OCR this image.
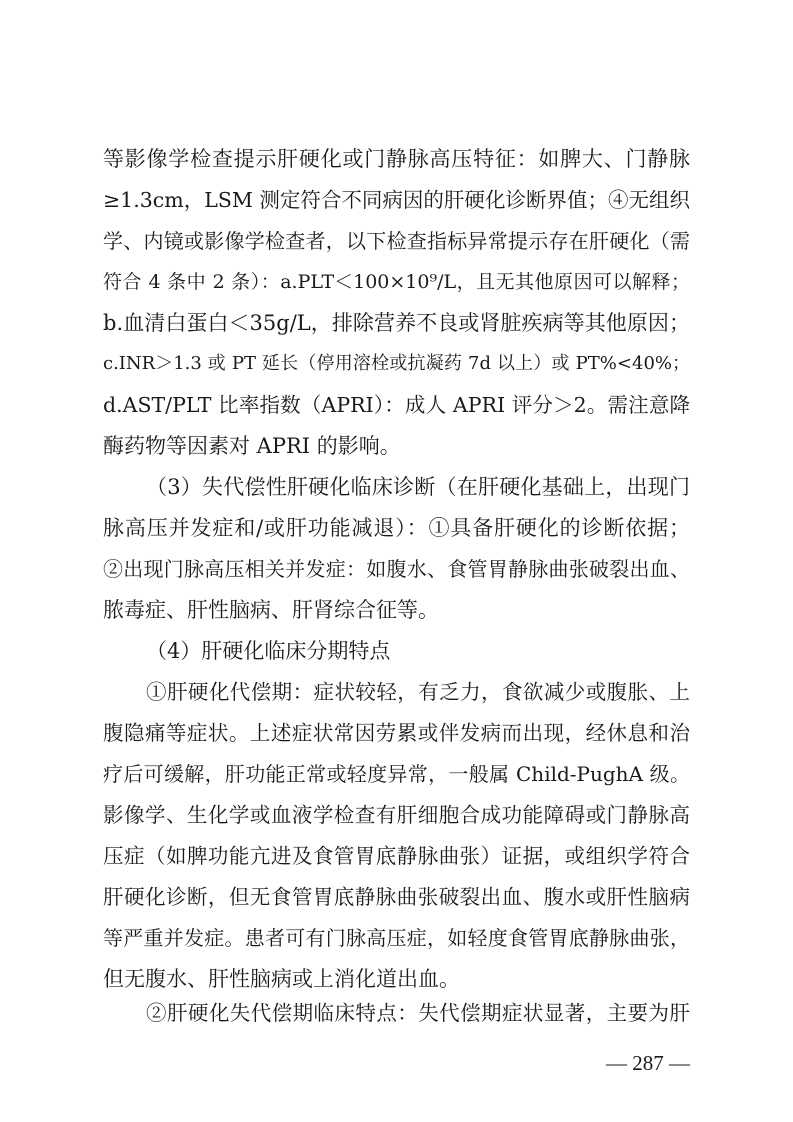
等影像学检查提示肝硬化或门静脉高压特征：如脾大、门静脉
≥1.3cm，LSM 测定符合不同病因的肝硬化诊断界值；④无组织
学、内镜或影像学检查者，以下检查指标异常提示存在肝硬化（需
符合 4 条中 2 条）：a.PLT＜100×10⁹/L，且无其他原因可以解释；
b.血清白蛋白＜35g/L，排除营养不良或肾脏疾病等其他原因；
c.INR＞1.3 或 PT 延长（停用溶栓或抗凝药 7d 以上）或 PT%<40%；
d.AST/PLT 比率指数（APRI）：成人 APRI 评分＞2。需注意降
酶药物等因素对 APRI 的影响。
（3）失代偿性肝硬化临床诊断（在肝硬化基础上，出现门
脉高压并发症和/或肝功能减退）：①具备肝硬化的诊断依据；
②出现门脉高压相关并发症：如腹水、食管胃静脉曲张破裂出血、
脓毒症、肝性脑病、肝肾综合征等。
（4）肝硬化临床分期特点
①肝硬化代偿期：症状较轻，有乏力，食欲减少或腹胀、上
腹隐痛等症状。上述症状常因劳累或伴发病而出现，经休息和治
疗后可缓解，肝功能正常或轻度异常，一般属 Child-PughA 级。
影像学、生化学或血液学检查有肝细胞合成功能障碍或门静脉高
压症（如脾功能亢进及食管胃底静脉曲张）证据，或组织学符合
肝硬化诊断，但无食管胃底静脉曲张破裂出血、腹水或肝性脑病
等严重并发症。患者可有门脉高压症，如轻度食管胃底静脉曲张，
但无腹水、肝性脑病或上消化道出血。
②肝硬化失代偿期临床特点：失代偿期症状显著，主要为肝
— 287 —
